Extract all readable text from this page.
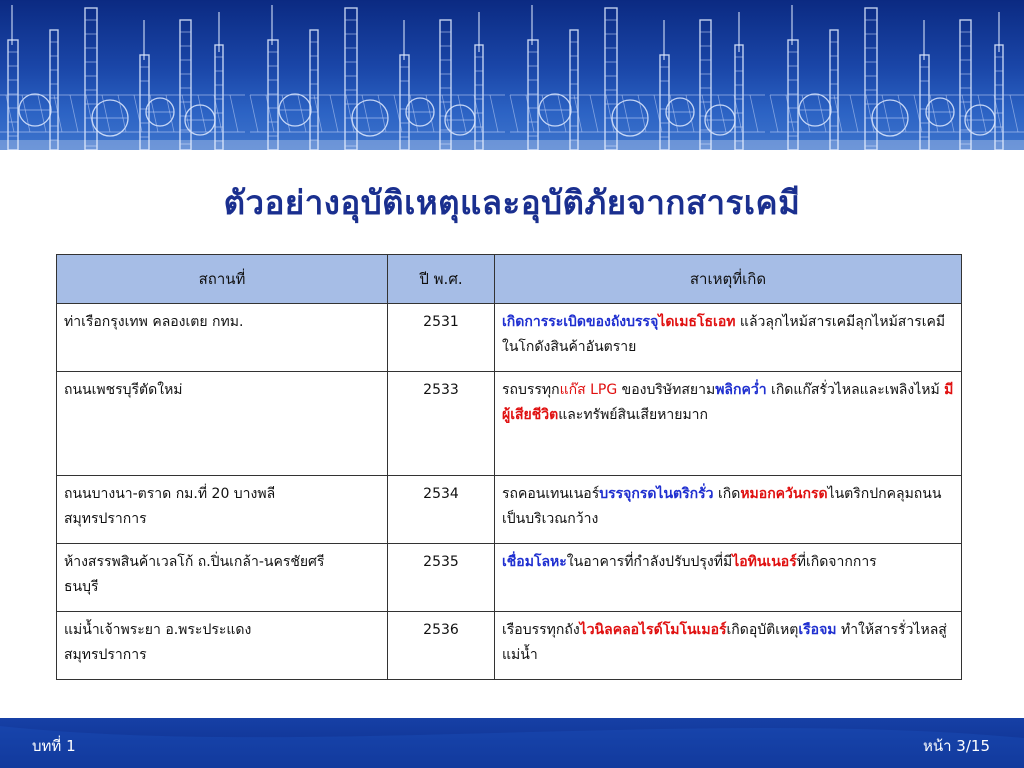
ตัวอย่างอุบัติเหตุและอุบัติภัยจากสารเคมี
สถานที่	ปี พ.ศ.	สาเหตุที่เกิด

ท่าเรือกรุงเทพ คลองเตย กทม.	2531	เกิดการระเบิดของถังบรรจุไดเมธโธเอท แล้วลุกไหม้สารเคมีลุกไหม้สารเคมีในโกดังสินค้าอันตราย

ถนนเพชรบุรีตัดใหม่	2533	รถบรรทุกแก๊ส LPG ของบริษัทสยามพลิกคว่ำ เกิดแก๊สรั่วไหลและเพลิงไหม้ มีผู้เสียชีวิตและทรัพย์สินเสียหายมาก

ถนนบางนา-ตราด กม.ที่ 20 บางพลี
สมุทรปราการ	2534	รถคอนเทนเนอร์บรรจุกรดไนตริกรั่ว เกิดหมอกควันกรดไนตริกปกคลุมถนนเป็นบริเวณกว้าง

ห้างสรรพสินค้าเวลโก้ ถ.ปิ่นเกล้า-นครชัยศรี
ธนบุรี	2535	เชื่อมโลหะในอาคารที่กำลังปรับปรุงที่มีไอทินเนอร์ที่เกิดจากการ

แม่น้ำเจ้าพระยา อ.พระประแดง
สมุทรปราการ	2536	เรือบรรทุกถังไวนิลคลอไรด์โมโนเมอร์เกิดอุบัติเหตุเรือจม ทำให้สารรั่วไหลสู่แม่น้ำ
บทที่ 1	หน้า 3/15
